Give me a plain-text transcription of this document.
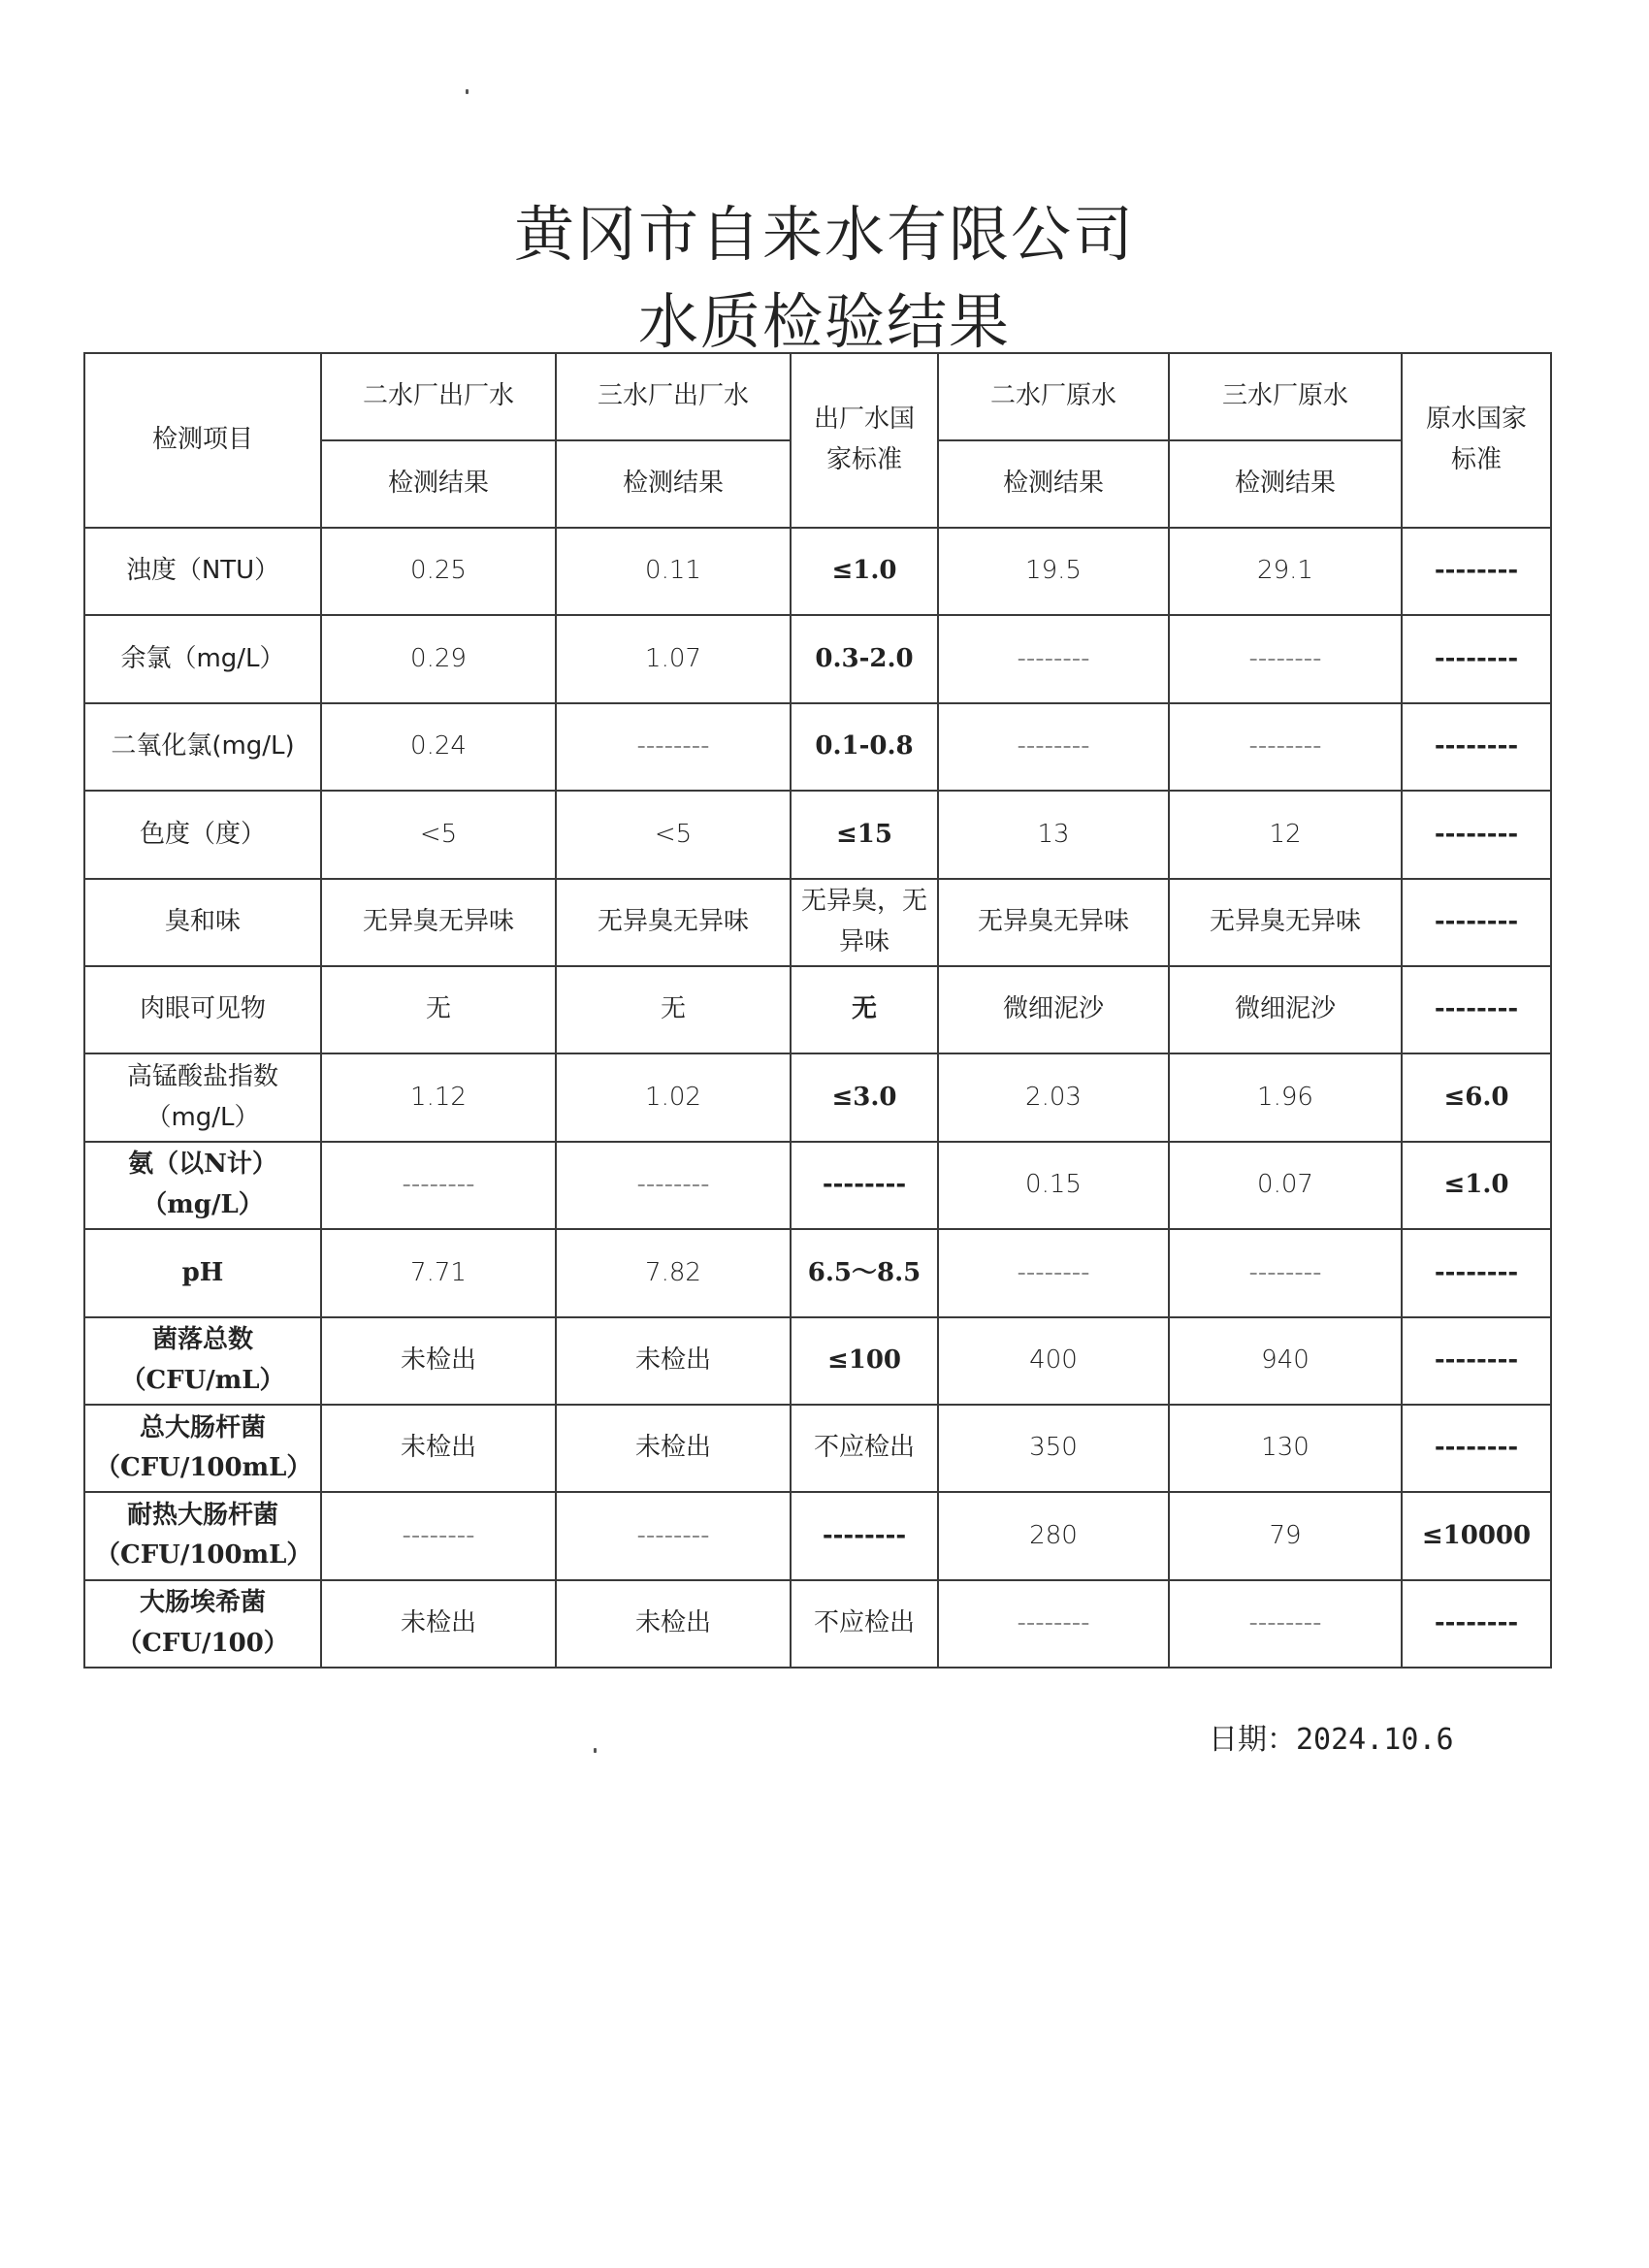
黄冈市自来水有限公司
水质检验结果
检测项目	二水厂出厂水	三水厂出厂水	出厂水国家标准	二水厂原水	三水厂原水	原水国家标准
	检测结果	检测结果		检测结果	检测结果	
浊度（NTU）	0.25	0.11	≤1.0	19.5	29.1	--------
余氯（mg/L）	0.29	1.07	0.3-2.0	--------	--------	--------
二氧化氯(mg/L)	0.24	--------	0.1-0.8	--------	--------	--------
色度（度）	<5	<5	≤15	13	12	--------
臭和味	无异臭无异味	无异臭无异味	无异臭，无异味	无异臭无异味	无异臭无异味	--------
肉眼可见物	无	无	无	微细泥沙	微细泥沙	--------
高锰酸盐指数（mg/L）	1.12	1.02	≤3.0	2.03	1.96	≤6.0
氨（以N计）（mg/L）	--------	--------	--------	0.15	0.07	≤1.0
pH	7.71	7.82	6.5～8.5	--------	--------	--------
菌落总数（CFU/mL）	未检出	未检出	≤100	400	940	--------
总大肠杆菌（CFU/100mL）	未检出	未检出	不应检出	350	130	--------
耐热大肠杆菌（CFU/100mL）	--------	--------	--------	280	79	≤10000
大肠埃希菌（CFU/100）	未检出	未检出	不应检出	--------	--------	--------
日期：2024.10.6
